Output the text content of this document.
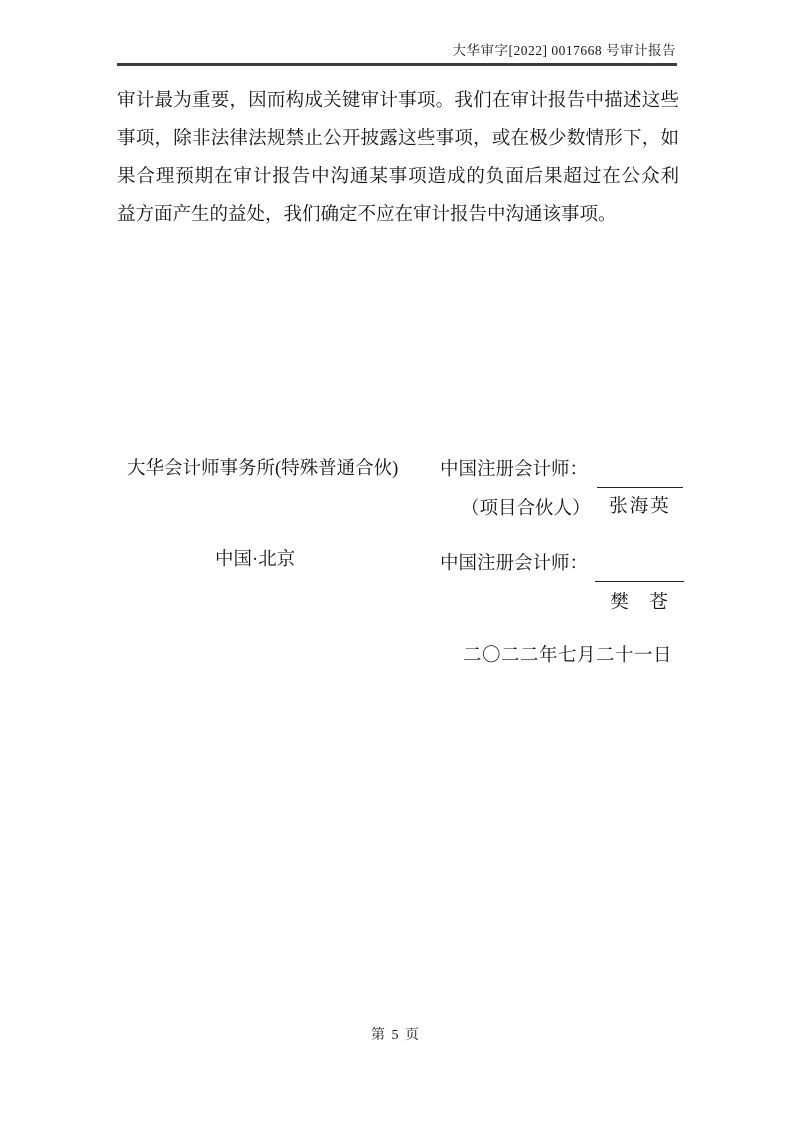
大华审字[2022] 0017668 号审计报告

审计最为重要，因而构成关键审计事项。我们在审计报告中描述这些

事项，除非法律法规禁止公开披露这些事项，或在极少数情形下，如

果合理预期在审计报告中沟通某事项造成的负面后果超过在公众利

益方面产生的益处，我们确定不应在审计报告中沟通该事项。

大华会计师事务所(特殊普通合伙) 中国注册会计师：
（项目合伙人）	张海英
中国·北京	中国注册会计师：
樊　苍
二〇二二年七月二十一日
第 5 页
